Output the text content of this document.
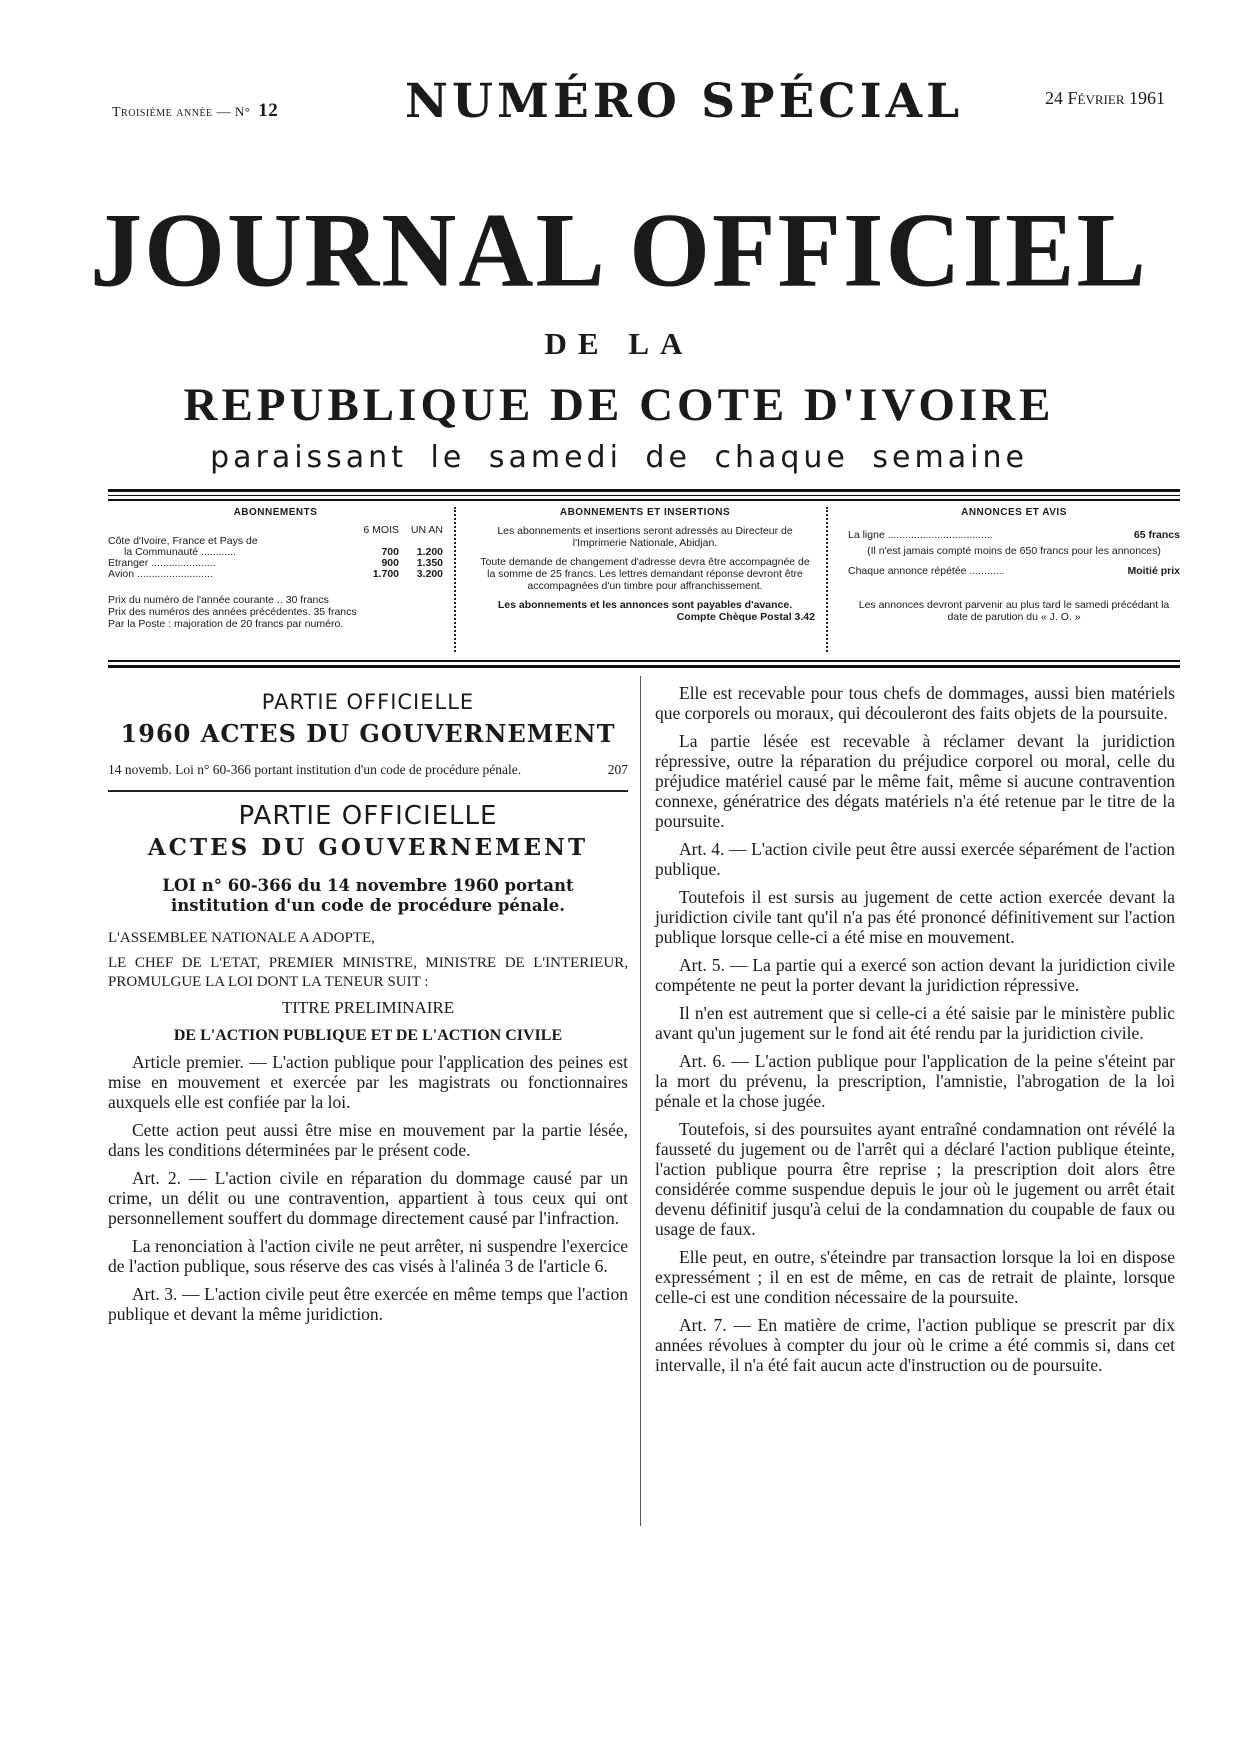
Troisième année — N° 12	NUMÉRO SPÉCIAL	24 Février 1961
JOURNAL OFFICIEL
DE LA
REPUBLIQUE DE COTE D'IVOIRE
paraissant le samedi de chaque semaine
ABONNEMENTS
	6 MOIS	UN AN
Côte d'Ivoire, France et Pays de		
la Communauté ............	700	1.200
Etranger ......................	900	1.350
Avion ..........................	1.700	3.200

Prix du numéro de l'année courante .. 30 francs

Prix des numéros des années précédentes. 35 francs

Par la Poste : majoration de 20 francs par numéro.

ABONNEMENTS ET INSERTIONS

Les abonnements et insertions seront adressés au Directeur de l'Imprimerie Nationale, Abidjan.

Toute demande de changement d'adresse devra être accompagnée de la somme de 25 francs. Les lettres demandant réponse devront être accompagnées d'un timbre pour affranchissement.

Les abonnements et les annonces sont payables d'avance.

Compte Chèque Postal 3.42

ANNONCES ET AVIS
La ligne ....................................	65 francs

(Il n'est jamais compté moins de 650 francs pour les annonces)

Chaque annonce répétée ............	Moitié prix

Les annonces devront parvenir au plus tard le samedi précédant la date de parution du « J. O. »

PARTIE OFFICIELLE
1960 ACTES DU GOUVERNEMENT
14 novemb. Loi n° 60-366 portant institution d'un code de procédure pénale.	207
PARTIE OFFICIELLE
ACTES DU GOUVERNEMENT
LOI n° 60-366 du 14 novembre 1960 portant institution d'un code de procédure pénale.

L'ASSEMBLEE NATIONALE A ADOPTE,

LE CHEF DE L'ETAT, PREMIER MINISTRE, MINISTRE DE L'INTERIEUR, PROMULGUE LA LOI DONT LA TENEUR SUIT :

TITRE PRELIMINAIRE
DE L'ACTION PUBLIQUE ET DE L'ACTION CIVILE

Article premier. — L'action publique pour l'application des peines est mise en mouvement et exercée par les magistrats ou fonctionnaires auxquels elle est confiée par la loi.

Cette action peut aussi être mise en mouvement par la partie lésée, dans les conditions déterminées par le présent code.

Art. 2. — L'action civile en réparation du dommage causé par un crime, un délit ou une contravention, appartient à tous ceux qui ont personnellement souffert du dommage directement causé par l'infraction.

La renonciation à l'action civile ne peut arrêter, ni suspendre l'exercice de l'action publique, sous réserve des cas visés à l'alinéa 3 de l'article 6.

Art. 3. — L'action civile peut être exercée en même temps que l'action publique et devant la même juridiction.

Elle est recevable pour tous chefs de dommages, aussi bien matériels que corporels ou moraux, qui découleront des faits objets de la poursuite.

La partie lésée est recevable à réclamer devant la juridiction répressive, outre la réparation du préjudice corporel ou moral, celle du préjudice matériel causé par le même fait, même si aucune contravention connexe, génératrice des dégats matériels n'a été retenue par le titre de la poursuite.

Art. 4. — L'action civile peut être aussi exercée séparément de l'action publique.

Toutefois il est sursis au jugement de cette action exercée devant la juridiction civile tant qu'il n'a pas été prononcé définitivement sur l'action publique lorsque celle-ci a été mise en mouvement.

Art. 5. — La partie qui a exercé son action devant la juridiction civile compétente ne peut la porter devant la juridiction répressive.

Il n'en est autrement que si celle-ci a été saisie par le ministère public avant qu'un jugement sur le fond ait été rendu par la juridiction civile.

Art. 6. — L'action publique pour l'application de la peine s'éteint par la mort du prévenu, la prescription, l'amnistie, l'abrogation de la loi pénale et la chose jugée.

Toutefois, si des poursuites ayant entraîné condamnation ont révélé la fausseté du jugement ou de l'arrêt qui a déclaré l'action publique éteinte, l'action publique pourra être reprise ; la prescription doit alors être considérée comme suspendue depuis le jour où le jugement ou arrêt était devenu définitif jusqu'à celui de la condamnation du coupable de faux ou usage de faux.

Elle peut, en outre, s'éteindre par transaction lorsque la loi en dispose expressément ; il en est de même, en cas de retrait de plainte, lorsque celle-ci est une condition nécessaire de la poursuite.

Art. 7. — En matière de crime, l'action publique se prescrit par dix années révolues à compter du jour où le crime a été commis si, dans cet intervalle, il n'a été fait aucun acte d'instruction ou de poursuite.
